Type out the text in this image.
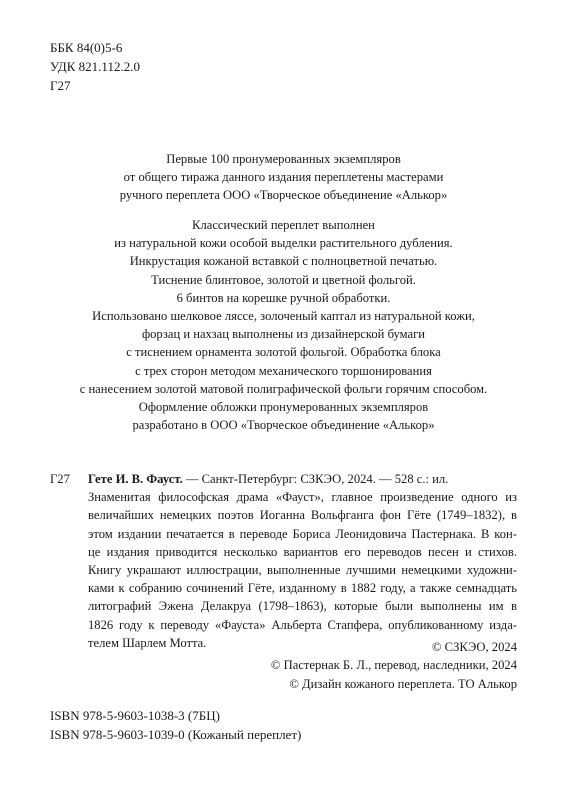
ББК 84(0)5-6
УДК 821.112.2.0
Г27
Первые 100 пронумерованных экземпляров
от общего тиража данного издания переплетены мастерами
ручного переплета ООО «Творческое объединение «Алькор»
Классический переплет выполнен
из натуральной кожи особой выделки растительного дубления.
Инкрустация кожаной вставкой с полноцветной печатью.
Тиснение блинтовое, золотой и цветной фольгой.
6 бинтов на корешке ручной обработки.
Использовано шелковое ляссе, золоченый каптал из натуральной кожи,
форзац и нахзац выполнены из дизайнерской бумаги
с тиснением орнамента золотой фольгой. Обработка блока
с трех сторон методом механического торшонирования
с нанесением золотой матовой полиграфической фольги горячим способом.
Оформление обложки пронумерованных экземпляров
разработано в ООО «Творческое объединение «Алькор»
Г27 Гете И. В. Фауст. — Санкт-Петербург: СЗКЭО, 2024. — 528 с.: ил.
Знаменитая философская драма «Фауст», главное произведение одного из
величайших немецких поэтов Иоганна Вольфганга фон Гёте (1749–1832), в
этом издании печатается в переводе Бориса Леонидовича Пастернака. В кон-
це издания приводится несколько вариантов его переводов песен и стихов.
Книгу украшают иллюстрации, выполненные лучшими немецкими художни-
ками к собранию сочинений Гёте, изданному в 1882 году, а также семнадцать
литографий Эжена Делакруа (1798–1863), которые были выполнены им в
1826 году к переводу «Фауста» Альберта Стапфера, опубликованному изда-
телем Шарлем Мотта.	© СЗКЭО, 2024
© Пастернак Б. Л., перевод, наследники, 2024
© Дизайн кожаного переплета. ТО Алькор
ISBN 978-5-9603-1038-3 (7БЦ)
ISBN 978-5-9603-1039-0 (Кожаный переплет)
